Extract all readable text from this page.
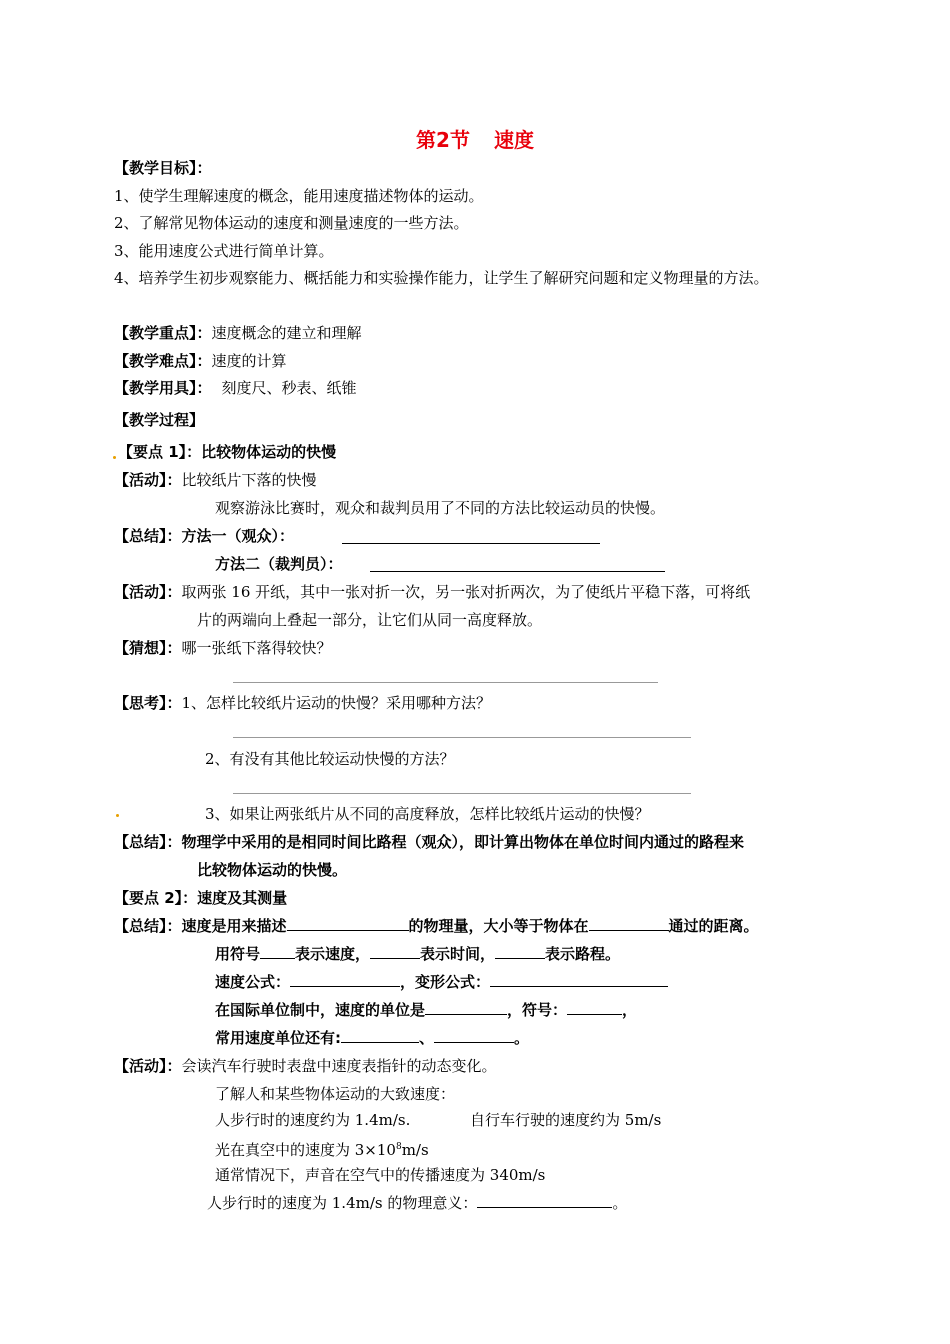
第2节 速度
【教学目标】：
1、使学生理解速度的概念，能用速度描述物体的运动。
2、了解常见物体运动的速度和测量速度的一些方法。
3、能用速度公式进行简单计算。
4、培养学生初步观察能力、概括能力和实验操作能力，让学生了解研究问题和定义物理量的方法。
【教学重点】：速度概念的建立和理解
【教学难点】：速度的计算
【教学用具】： 刻度尺、秒表、纸锥
【教学过程】
【要点 1】：比较物体运动的快慢
【活动】：比较纸片下落的快慢
观察游泳比赛时，观众和裁判员用了不同的方法比较运动员的快慢。
【总结】：方法一（观众）：
方法二（裁判员）：
【活动】：取两张 16 开纸，其中一张对折一次，另一张对折两次，为了使纸片平稳下落，可将纸
片的两端向上叠起一部分，让它们从同一高度释放。
【猜想】：哪一张纸下落得较快？
【思考】：1、怎样比较纸片运动的快慢？采用哪种方法？
2、有没有其他比较运动快慢的方法？
3、如果让两张纸片从不同的高度释放，怎样比较纸片运动的快慢？
【总结】：物理学中采用的是相同时间比路程（观众），即计算出物体在单位时间内通过的路程来
比较物体运动的快慢。
【要点 2】：速度及其测量
【总结】：速度是用来描述	的物理量，大小等于物体在	通过的距离。
用符号 表示速度，	表示时间，	表示路程。
速度公式：	，变形公式：
在国际单位制中，速度的单位是	，符号：	，
常用速度单位还有:	、	。
【活动】：会读汽车行驶时表盘中速度表指针的动态变化。
了解人和某些物体运动的大致速度：
人步行时的速度约为 1.4m/s.	自行车行驶的速度约为 5m/s
光在真空中的速度为 $3\times 10^8m/s$
通常情况下，声音在空气中的传播速度为 340m/s
人步行时的速度为 1.4m/s 的物理意义：	。
